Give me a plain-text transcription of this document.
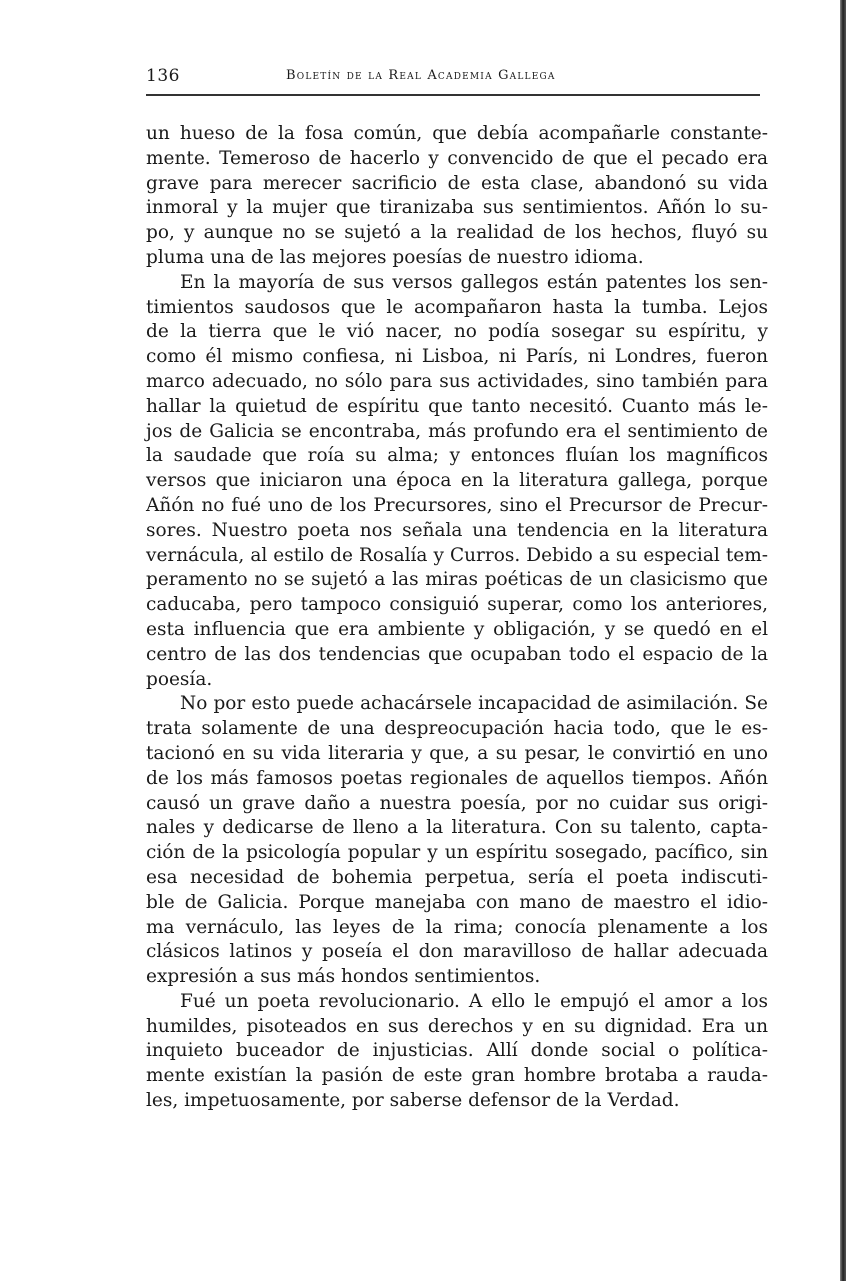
136	Boletín de la Real Academia Gallega
un hueso de la fosa común, que debía acompañarle constante-
mente. Temeroso de hacerlo y convencido de que el pecado era
grave para merecer sacrificio de esta clase, abandonó su vida
inmoral y la mujer que tiranizaba sus sentimientos. Añón lo su-
po, y aunque no se sujetó a la realidad de los hechos, fluyó su
pluma una de las mejores poesías de nuestro idioma.
En la mayoría de sus versos gallegos están patentes los sen-
timientos saudosos que le acompañaron hasta la tumba. Lejos
de la tierra que le vió nacer, no podía sosegar su espíritu, y
como él mismo confiesa, ni Lisboa, ni París, ni Londres, fueron
marco adecuado, no sólo para sus actividades, sino también para
hallar la quietud de espíritu que tanto necesitó. Cuanto más le-
jos de Galicia se encontraba, más profundo era el sentimiento de
la saudade que roía su alma; y entonces fluían los magníficos
versos que iniciaron una época en la literatura gallega, porque
Añón no fué uno de los Precursores, sino el Precursor de Precur-
sores. Nuestro poeta nos señala una tendencia en la literatura
vernácula, al estilo de Rosalía y Curros. Debido a su especial tem-
peramento no se sujetó a las miras poéticas de un clasicismo que
caducaba, pero tampoco consiguió superar, como los anteriores,
esta influencia que era ambiente y obligación, y se quedó en el
centro de las dos tendencias que ocupaban todo el espacio de la
poesía.
No por esto puede achacársele incapacidad de asimilación. Se
trata solamente de una despreocupación hacia todo, que le es-
tacionó en su vida literaria y que, a su pesar, le convirtió en uno
de los más famosos poetas regionales de aquellos tiempos. Añón
causó un grave daño a nuestra poesía, por no cuidar sus origi-
nales y dedicarse de lleno a la literatura. Con su talento, capta-
ción de la psicología popular y un espíritu sosegado, pacífico, sin
esa necesidad de bohemia perpetua, sería el poeta indiscuti-
ble de Galicia. Porque manejaba con mano de maestro el idio-
ma vernáculo, las leyes de la rima; conocía plenamente a los
clásicos latinos y poseía el don maravilloso de hallar adecuada
expresión a sus más hondos sentimientos.
Fué un poeta revolucionario. A ello le empujó el amor a los
humildes, pisoteados en sus derechos y en su dignidad. Era un
inquieto buceador de injusticias. Allí donde social o política-
mente existían la pasión de este gran hombre brotaba a rauda-
les, impetuosamente, por saberse defensor de la Verdad.
